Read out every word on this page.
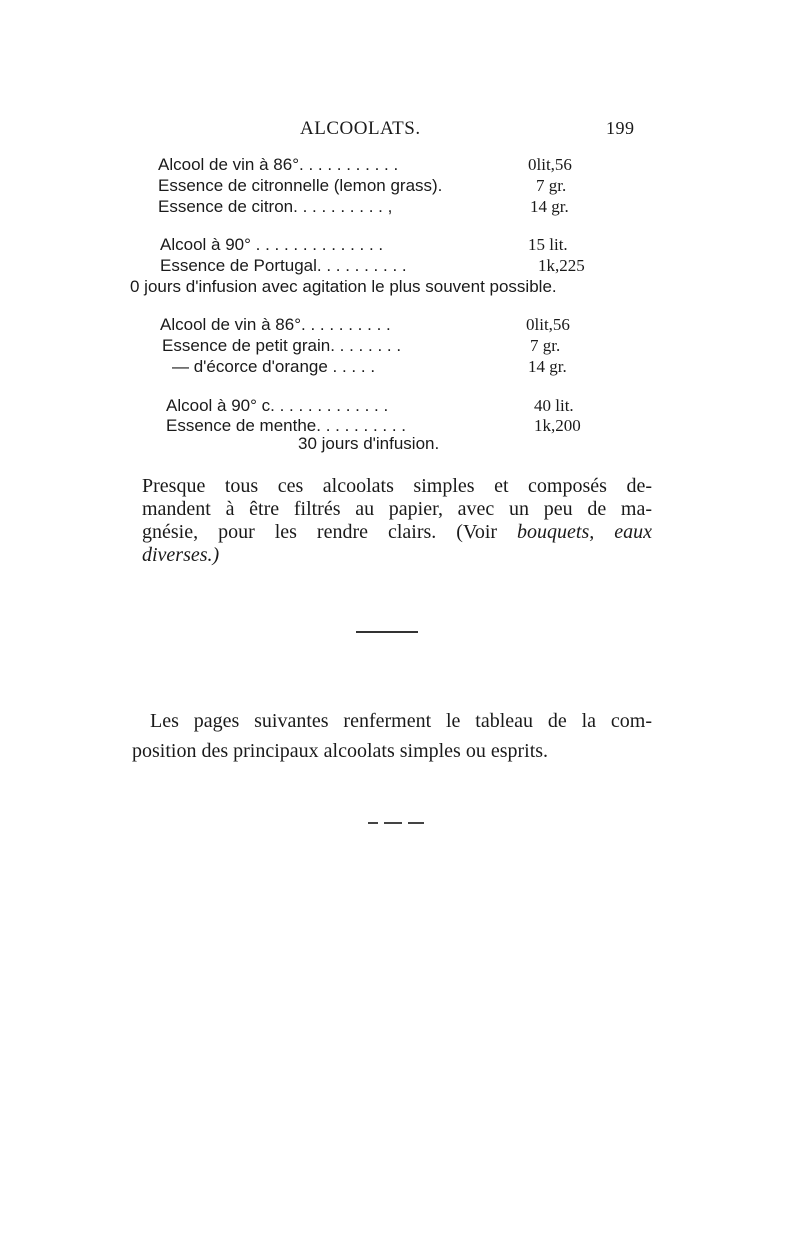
ALCOOLATS.	199
Alcool de vin à 86°. . . . . . . . . . .	0lit,56
Essence de citronnelle (lemon grass).	7 gr.
Essence de citron. . . . . . . . . . ,	14 gr.
Alcool à 90° . . . . . . . . . . . . . .	15 lit.
Essence de Portugal. . . . . . . . . .	1k,225
0 jours d'infusion avec agitation le plus souvent possible.
Alcool de vin à 86°. . . . . . . . . .	0lit,56
Essence de petit grain. . . . . . . .	7 gr.
— d'écorce d'orange . . . . .	14 gr.
Alcool à 90° c. . . . . . . . . . . . .	40 lit.
Essence de menthe. . . . . . . . . .	1k,200
30 jours d'infusion.
Presque tous ces alcoolats simples et composés de-
mandent à être filtrés au papier, avec un peu de ma-
gnésie, pour les rendre clairs. (Voir bouquets, eaux
diverses.)
Les pages suivantes renferment le tableau de la com-
position des principaux alcoolats simples ou esprits.
